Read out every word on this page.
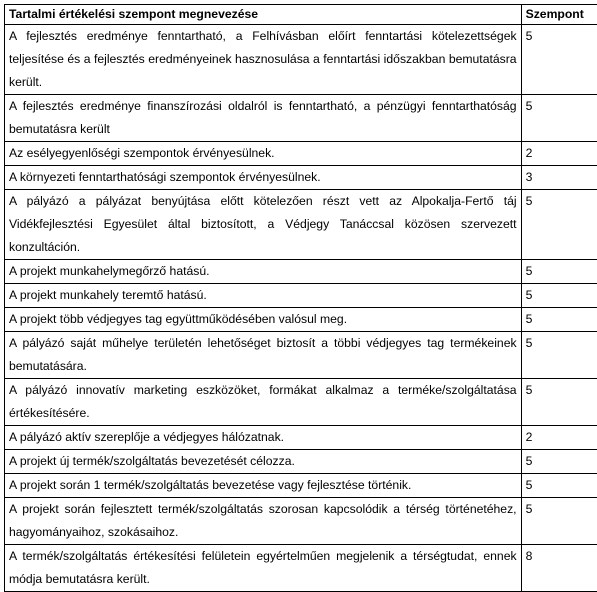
Tartalmi értékelési szempont megnevezése	Szempont
A fejlesztés eredménye fenntartható, a Felhívásban előírt fenntartási kötelezettségek teljesítése és a fejlesztés eredményeinek hasznosulása a fenntartási időszakban bemutatásra került.	5
A fejlesztés eredménye finanszírozási oldalról is fenntartható, a pénzügyi fenntarthatóság bemutatásra került	5
Az esélyegyenlőségi szempontok érvényesülnek.	2
A környezeti fenntarthatósági szempontok érvényesülnek.	3
A pályázó a pályázat benyújtása előtt kötelezően részt vett az Alpokalja-Fertő táj Vidékfejlesztési Egyesület által biztosított, a Védjegy Tanáccsal közösen szervezett konzultáción.	5
A projekt munkahelymegőrző hatású.	5
A projekt munkahely teremtő hatású.	5
A projekt több védjegyes tag együttműködésében valósul meg.	5
A pályázó saját műhelye területén lehetőséget biztosít a többi védjegyes tag termékeinek bemutatására.	5
A pályázó innovatív marketing eszközöket, formákat alkalmaz a terméke/szolgáltatása értékesítésére.	5
A pályázó aktív szereplője a védjegyes hálózatnak.	2
A projekt új termék/szolgáltatás bevezetését célozza.	5
A projekt során 1 termék/szolgáltatás bevezetése vagy fejlesztése történik.	5
A projekt során fejlesztett termék/szolgáltatás szorosan kapcsolódik a térség történetéhez, hagyományaihoz, szokásaihoz.	5
A termék/szolgáltatás értékesítési felületein egyértelműen megjelenik a térségtudat, ennek módja bemutatásra került.	8
